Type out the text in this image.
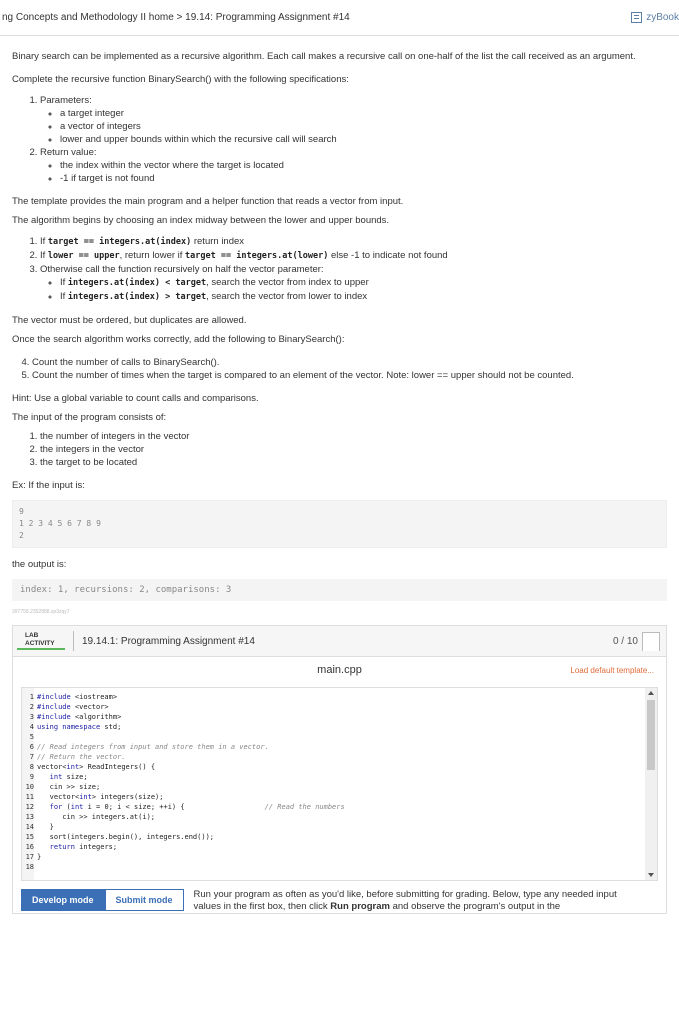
ng Concepts and Methodology II home > 19.14: Programming Assignment #14	zyBook

Binary search can be implemented as a recursive algorithm. Each call makes a recursive call on one-half of the list the call received as an argument.

Complete the recursive function BinarySearch() with the following specifications:

1. Parameters:
◦ a target integer
◦ a vector of integers
◦ lower and upper bounds within which the recursive call will search
2. Return value:
◦ the index within the vector where the target is located
◦ -1 if target is not found

The template provides the main program and a helper function that reads a vector from input.

The algorithm begins by choosing an index midway between the lower and upper bounds.

1. If target == integers.at(index) return index
2. If lower == upper, return lower if target == integers.at(lower) else -1 to indicate not found
3. Otherwise call the function recursively on half the vector parameter:
◦ If integers.at(index) < target, search the vector from index to upper
◦ If integers.at(index) > target, search the vector from lower to index

The vector must be ordered, but duplicates are allowed.

Once the search algorithm works correctly, add the following to BinarySearch():

4. Count the number of calls to BinarySearch().
5. Count the number of times when the target is compared to an element of the vector. Note: lower == upper should not be counted.

Hint: Use a global variable to count calls and comparisons.

The input of the program consists of:

1. the number of integers in the vector
2. the integers in the vector
3. the target to be located

Ex: If the input is:

9
1 2 3 4 5 6 7 8 9
2

the output is:

index: 1, recursions: 2, comparisons: 3
397758.2352888.qx3zqy7
LAB
ACTIVITY	19.14.1: Programming Assignment #14	0 / 10
main.cpp	Load default template...
1 #include <iostream>
2 #include <vector>
3 #include <algorithm>
4 using namespace std;
5
6 // Read integers from input and store them in a vector.
7 // Return the vector.
8 vector<int> ReadIntegers() {
9 int size;
10   cin >> size;
11   vector<int> integers(size);
12 for (int i = 0; i < size; ++i) {                   // Read the numbers
13	cin >> integers.at(i);
14   }
15   sort(integers.begin(), integers.end());
16 return integers;
17 }
18
Develop mode	Submit mode	Run your program as often as you'd like, before submitting for grading. Below, type any needed input values in the first box, then click Run program and observe the program's output in the
